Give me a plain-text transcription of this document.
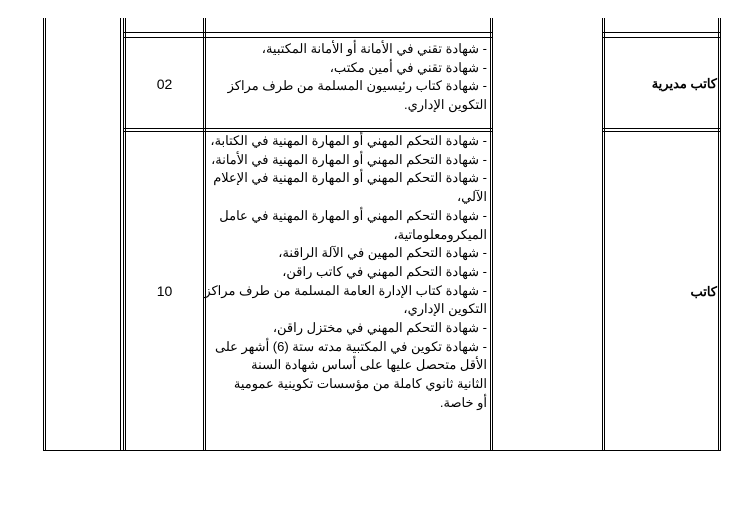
كاتب مديرية
02
- شهادة تقني في الأمانة أو الأمانة المكتبية،
- شهادة تقني في أمين مكتب،
- شهادة كتاب رئيسيون المسلمة من طرف مراكز
التكوين الإداري.
كاتب
10
- شهادة التحكم المهني أو المهارة المهنية في الكتابة،
- شهادة التحكم المهني أو المهارة المهنية في الأمانة،
- شهادة التحكم المهني أو المهارة المهنية في الإعلام
الآلي،
- شهادة التحكم المهني أو المهارة المهنية في عامل
الميكرومعلوماتية،
- شهادة التحكم المهين في الآلة الراقنة،
- شهادة التحكم المهني في كاتب راقن،
- شهادة كتاب الإدارة العامة المسلمة من طرف مراكز
التكوين الإداري،
- شهادة التحكم المهني في مختزل راقن،
- شهادة تكوين في المكتبية مدته ستة (6) أشهر على
الأقل متحصل عليها على أساس شهادة السنة
الثانية ثانوي كاملة من مؤسسات تكوينية عمومية
أو خاصة.
